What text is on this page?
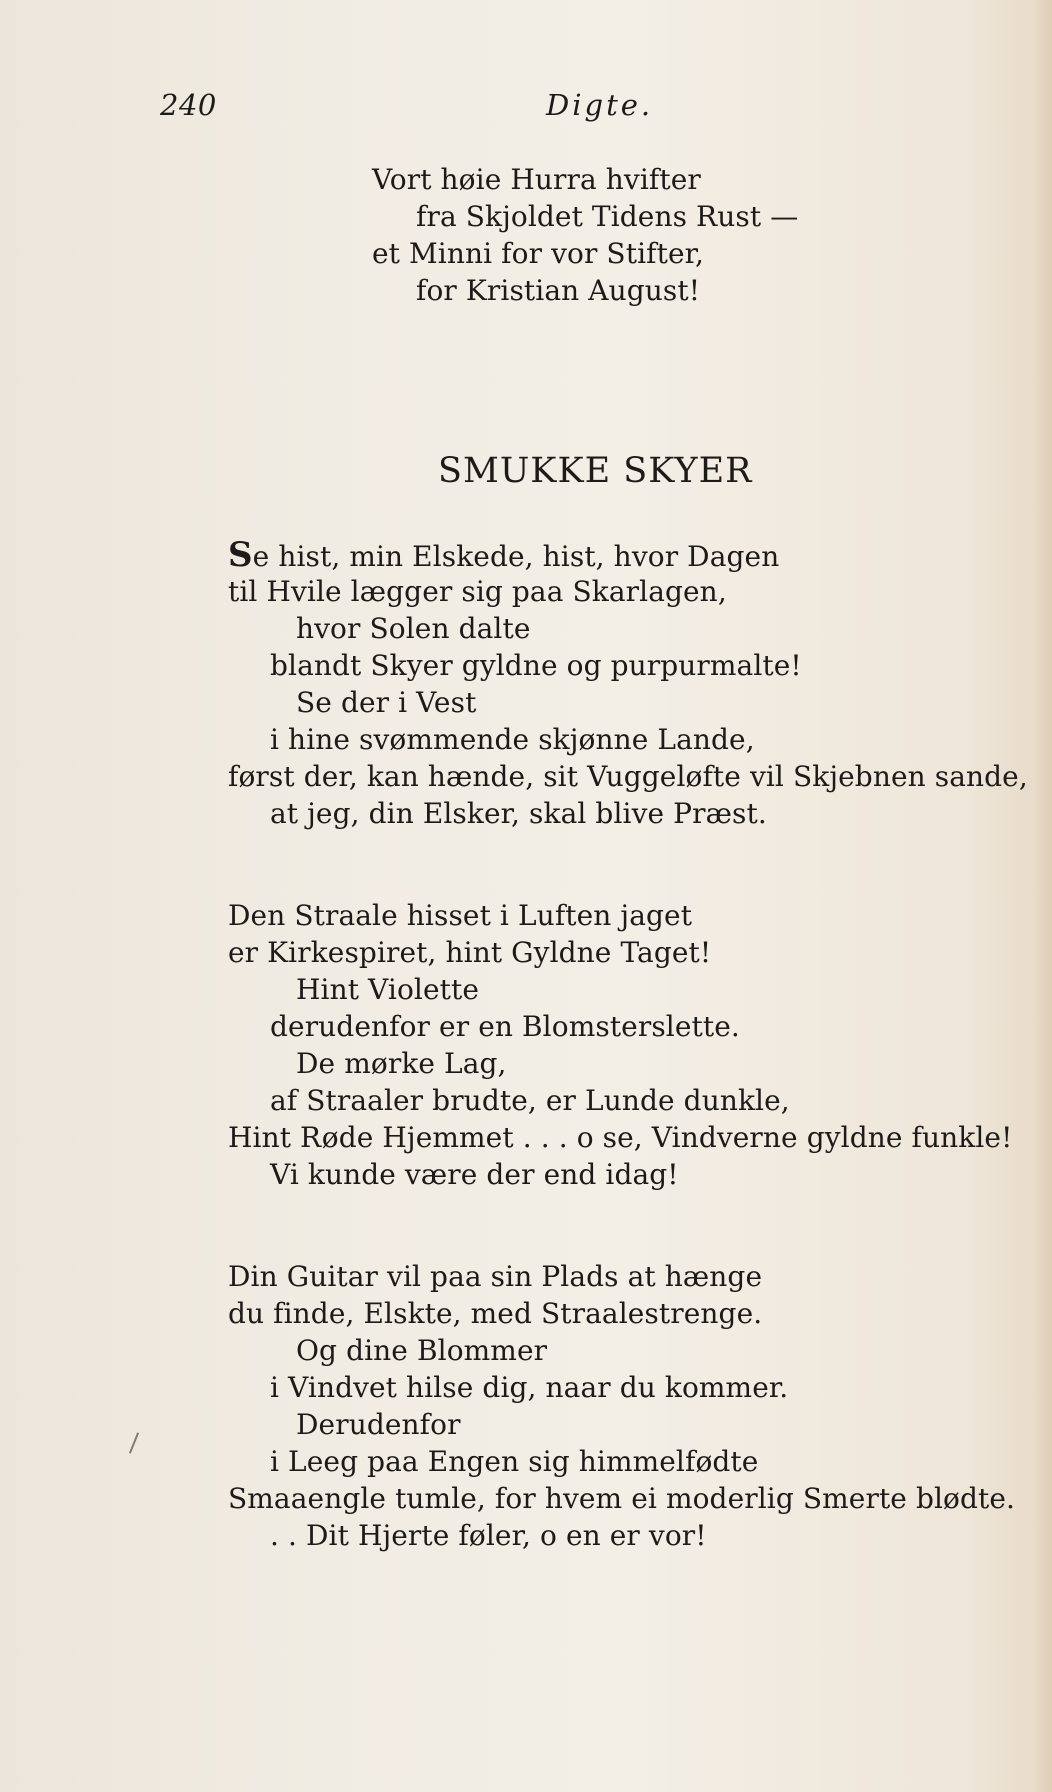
240	Digte.
Vort høie Hurra hvifter
fra Skjoldet Tidens Rust —
et Minni for vor Stifter,
for Kristian August!
SMUKKE SKYER
Se hist, min Elskede, hist, hvor Dagen
til Hvile lægger sig paa Skarlagen,
hvor Solen dalte
blandt Skyer gyldne og purpurmalte!
Se der i Vest
i hine svømmende skjønne Lande,
først der, kan hænde, sit Vuggeløfte vil Skjebnen sande,
at jeg, din Elsker, skal blive Præst.
Den Straale hisset i Luften jaget
er Kirkespiret, hint Gyldne Taget!
Hint Violette
derudenfor er en Blomsterslette.
De mørke Lag,
af Straaler brudte, er Lunde dunkle,
Hint Røde Hjemmet . . . o se, Vindverne gyldne funkle!
Vi kunde være der end idag!
Din Guitar vil paa sin Plads at hænge
du finde, Elskte, med Straalestrenge.
Og dine Blommer
i Vindvet hilse dig, naar du kommer.
Derudenfor
i Leeg paa Engen sig himmelfødte
Smaaengle tumle, for hvem ei moderlig Smerte blødte.
. . Dit Hjerte føler, o en er vor!
